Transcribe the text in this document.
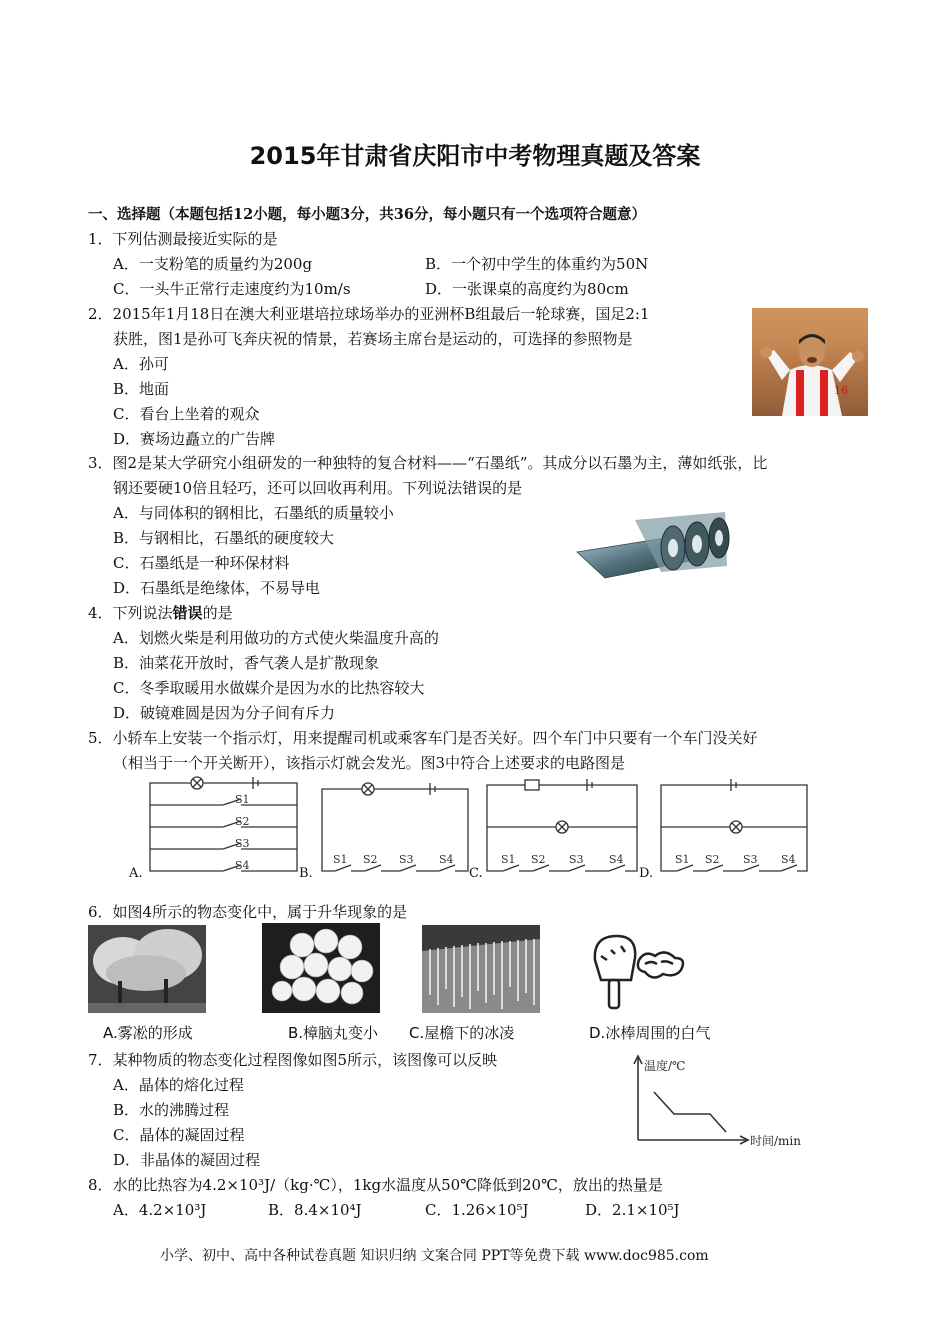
2015年甘肃省庆阳市中考物理真题及答案
一、选择题（本题包括12小题，每小题3分，共36分，每小题只有一个选项符合题意）
1．下列估测最接近实际的是
A．一支粉笔的质量约为200g	B．一个初中学生的体重约为50N
C．一头牛正常行走速度约为10m/s	D．一张课桌的高度约为80cm
2．2015年1月18日在澳大利亚堪培拉球场举办的亚洲杯B组最后一轮球赛，国足2:1
获胜，图1是孙可飞奔庆祝的情景，若赛场主席台是运动的，可选择的参照物是
A．孙可
B．地面
C．看台上坐着的观众
D．赛场边矗立的广告牌
16
3．图2是某大学研究小组研发的一种独特的复合材料——“石墨纸”。其成分以石墨为主，薄如纸张，比
钢还要硬10倍且轻巧，还可以回收再利用。下列说法错误的是
A．与同体积的钢相比，石墨纸的质量较小
B．与钢相比，石墨纸的硬度较大
C．石墨纸是一种环保材料
D．石墨纸是绝缘体，不易导电
4．下列说法错误的是
A．划燃火柴是利用做功的方式使火柴温度升高的
B．油菜花开放时，香气袭人是扩散现象
C．冬季取暖用水做媒介是因为水的比热容较大
D．破镜难圆是因为分子间有斥力
5．小轿车上安装一个指示灯，用来提醒司机或乘客车门是否关好。四个车门中只要有一个车门没关好
（相当于一个开关断开），该指示灯就会发光。图3中符合上述要求的电路图是
S1
S2
S3
S4	S1 S2 S3 S4	S1 S2 S3 S4	S1 S2 S3 S4
A.	B.	C.	D.
6．如图4所示的物态变化中，属于升华现象的是
A.雾凇的形成	B.樟脑丸变小 C.屋檐下的冰凌	D.冰棒周围的白气
7．某种物质的物态变化过程图像如图5所示，该图像可以反映
A．晶体的熔化过程
B．水的沸腾过程
C．晶体的凝固过程
D．非晶体的凝固过程
温度/℃
时间/min
8．水的比热容为4.2×10³J/（kg·℃），1kg水温度从50℃降低到20℃，放出的热量是
A．4.2×10³J	B．8.4×10⁴J	C．1.26×10⁵J	D．2.1×10⁵J
小学、初中、高中各种试卷真题 知识归纳 文案合同 PPT等免费下载 www.doc985.com
